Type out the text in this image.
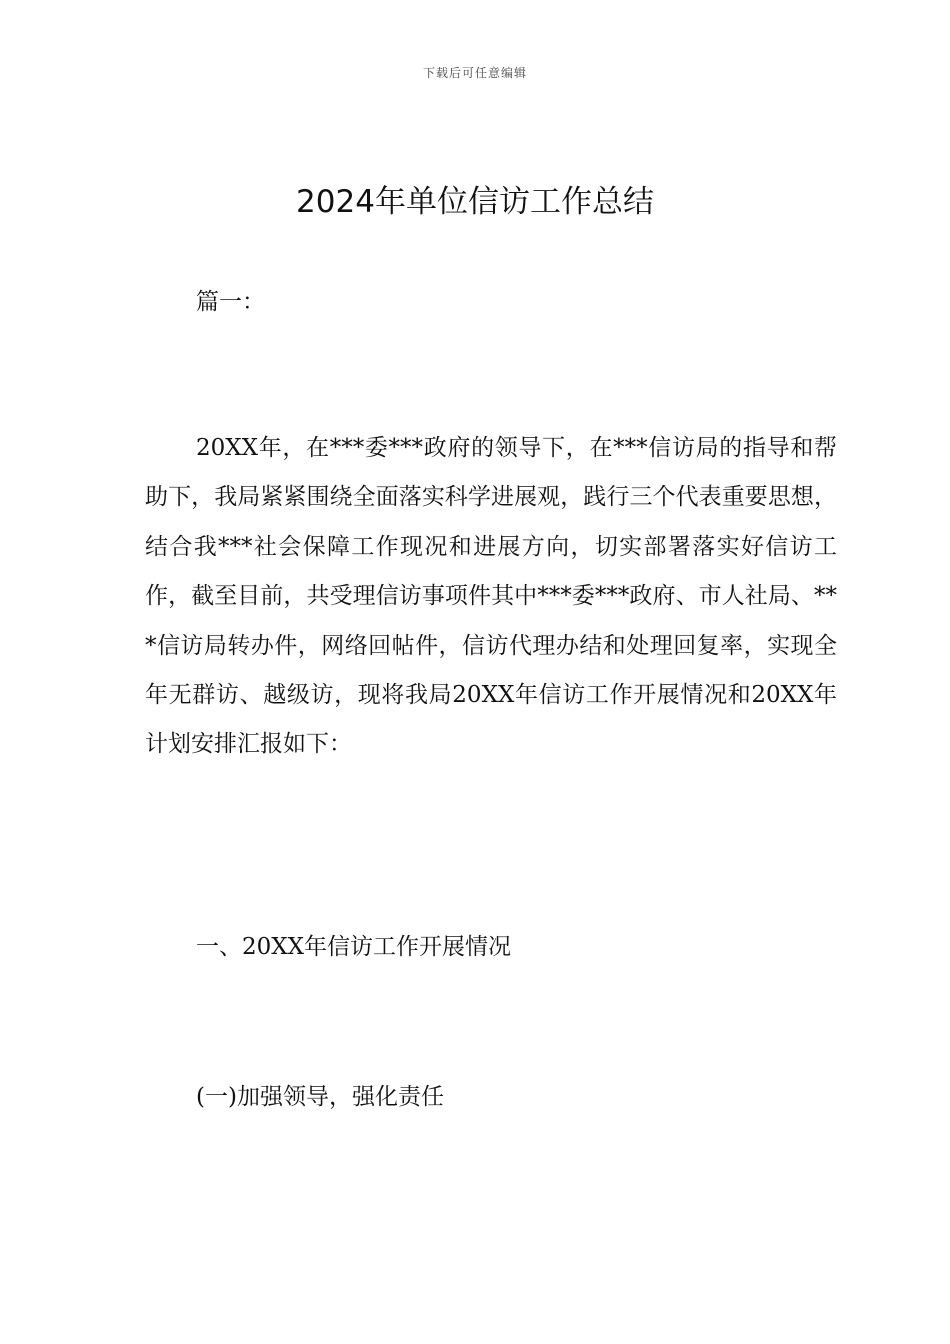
下载后可任意编辑
2024年单位信访工作总结

篇一：

20XX年，在***委***政府的领导下，在***信访局的指导和帮助下，我局紧紧围绕全面落实科学进展观，践行三个代表重要思想，结合我***社会保障工作现况和进展方向，切实部署落实好信访工作，截至目前，共受理信访事项件其中***委***政府、市人社局、***信访局转办件，网络回帖件，信访代理办结和处理回复率，实现全年无群访、越级访，现将我局20XX年信访工作开展情况和20XX年计划安排汇报如下：

一、20XX年信访工作开展情况

(一)加强领导，强化责任
